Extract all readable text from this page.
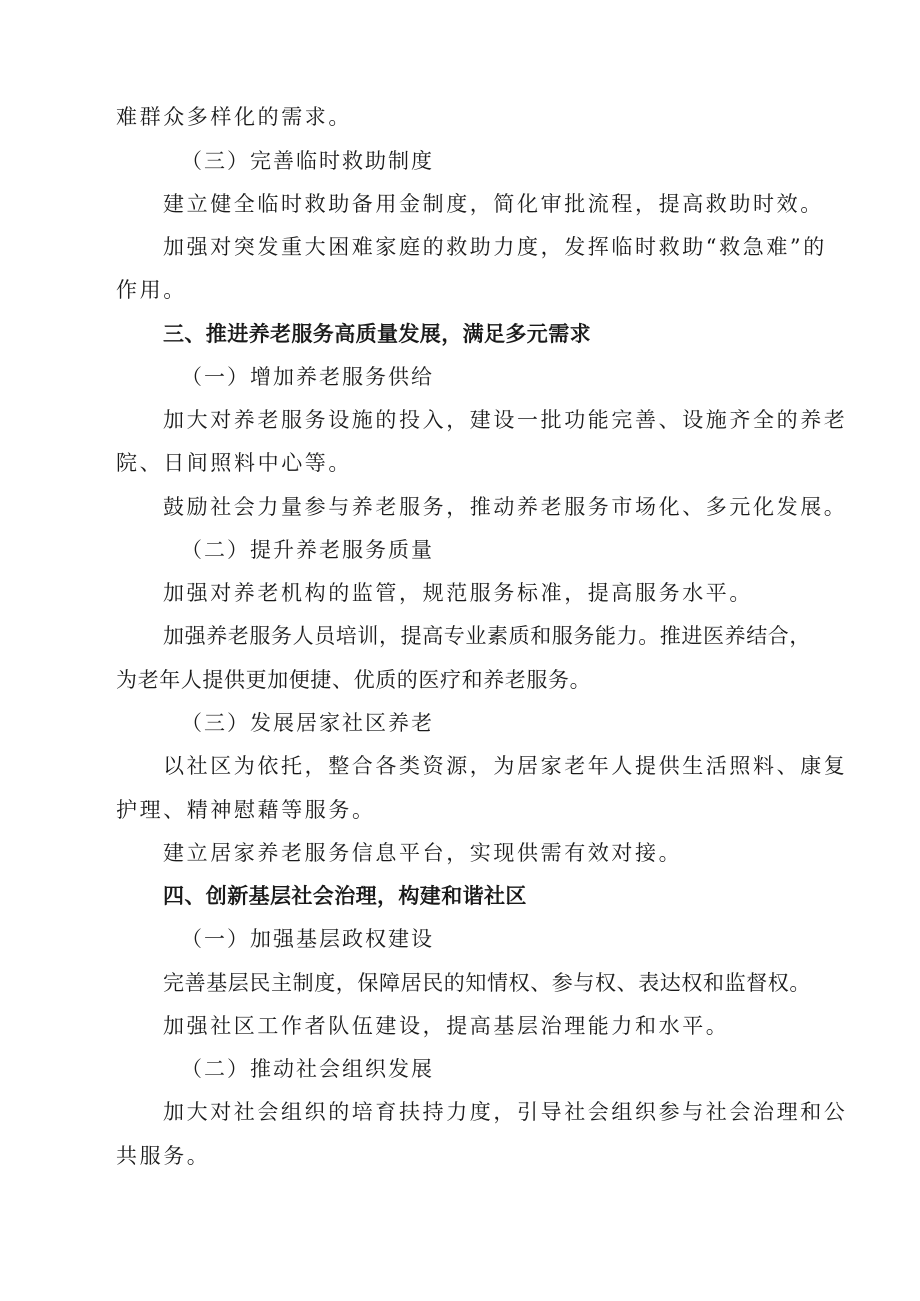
难群众多样化的需求。
（三）完善临时救助制度
建立健全临时救助备用金制度，简化审批流程，提高救助时效。
加强对突发重大困难家庭的救助力度，发挥临时救助“救急难”的
作用。
三、推进养老服务高质量发展，满足多元需求
（一）增加养老服务供给
加大对养老服务设施的投入，建设一批功能完善、设施齐全的养老
院、日间照料中心等。
鼓励社会力量参与养老服务，推动养老服务市场化、多元化发展。
（二）提升养老服务质量
加强对养老机构的监管，规范服务标准，提高服务水平。
加强养老服务人员培训，提高专业素质和服务能力。推进医养结合，
为老年人提供更加便捷、优质的医疗和养老服务。
（三）发展居家社区养老
以社区为依托，整合各类资源，为居家老年人提供生活照料、康复
护理、精神慰藉等服务。
建立居家养老服务信息平台，实现供需有效对接。
四、创新基层社会治理，构建和谐社区
（一）加强基层政权建设
完善基层民主制度，保障居民的知情权、参与权、表达权和监督权。
加强社区工作者队伍建设，提高基层治理能力和水平。
（二）推动社会组织发展
加大对社会组织的培育扶持力度，引导社会组织参与社会治理和公
共服务。
